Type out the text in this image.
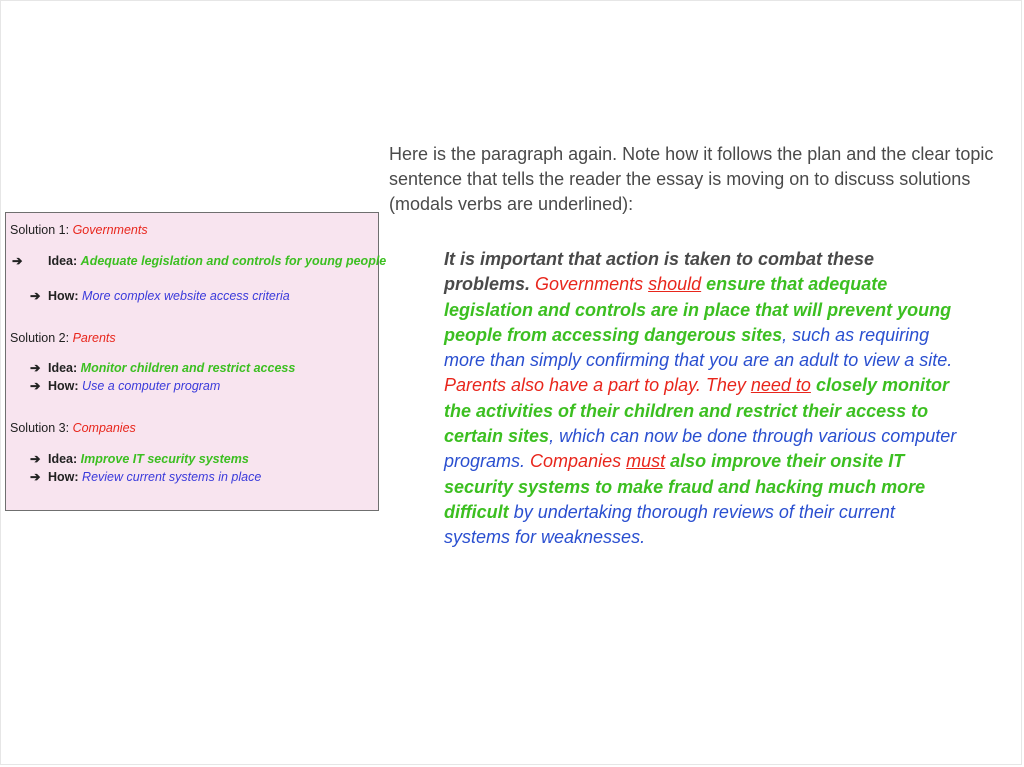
Solution 1: Governments
➔ Idea: Adequate legislation and controls for young people
➔ How: More complex website access criteria
Solution 2: Parents
➔ Idea: Monitor children and restrict access
➔ How: Use a computer program
Solution 3: Companies
➔ Idea: Improve IT security systems
➔ How: Review current systems in place
Here is the paragraph again. Note how it follows the plan and the clear topic sentence that tells the reader the essay is moving on to discuss solutions (modals verbs are underlined):
It is important that action is taken to combat these problems. Governments should ensure that adequate legislation and controls are in place that will prevent young people from accessing dangerous sites, such as requiring more than simply confirming that you are an adult to view a site. Parents also have a part to play. They need to closely monitor the activities of their children and restrict their access to certain sites, which can now be done through various computer programs. Companies must also improve their onsite IT security systems to make fraud and hacking much more difficult by undertaking thorough reviews of their current systems for weaknesses.
